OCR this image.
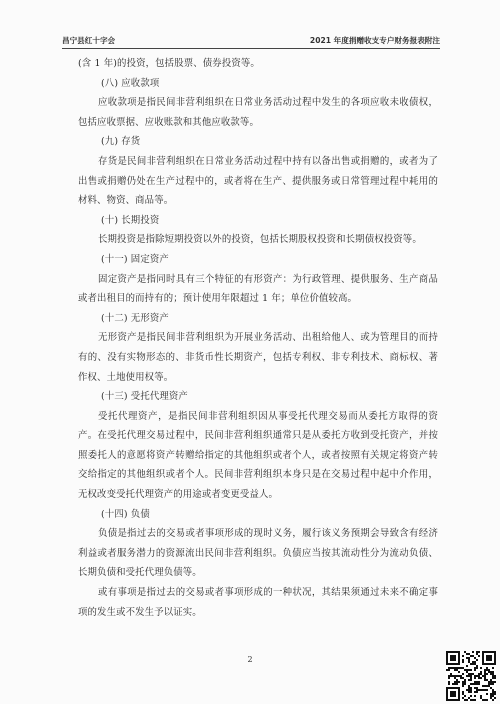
昌宁县红十字会	2021 年度捐赠收支专户财务报表附注

(含 1 年)的投资，包括股票、债券投资等。

(八) 应收款项

应收款项是指民间非营利组织在日常业务活动过程中发生的各项应收未收债权，包括应收票据、应收账款和其他应收款等。

(九) 存货

存货是民间非营利组织在日常业务活动过程中持有以备出售或捐赠的，或者为了出售或捐赠仍处在生产过程中的，或者将在生产、提供服务或日常管理过程中耗用的材料、物资、商品等。

(十) 长期投资

长期投资是指除短期投资以外的投资，包括长期股权投资和长期债权投资等。

(十一) 固定资产

固定资产是指同时具有三个特征的有形资产：为行政管理、提供服务、生产商品或者出租目的而持有的；预计使用年限超过 1 年；单位价值较高。

(十二) 无形资产

无形资产是指民间非营利组织为开展业务活动、出租给他人、或为管理目的而持有的、没有实物形态的、非货币性长期资产，包括专利权、非专利技术、商标权、著作权、土地使用权等。

(十三) 受托代理资产

受托代理资产，是指民间非营利组织因从事受托代理交易而从委托方取得的资产。在受托代理交易过程中，民间非营利组织通常只是从委托方收到受托资产，并按照委托人的意愿将资产转赠给指定的其他组织或者个人，或者按照有关规定将资产转交给指定的其他组织或者个人。民间非营利组织本身只是在交易过程中起中介作用，无权改变受托代理资产的用途或者变更受益人。

(十四) 负债

负债是指过去的交易或者事项形成的现时义务，履行该义务预期会导致含有经济利益或者服务潜力的资源流出民间非营利组织。负债应当按其流动性分为流动负债、长期负债和受托代理负债等。

或有事项是指过去的交易或者事项形成的一种状况，其结果须通过未来不确定事项的发生或不发生予以证实。

2
